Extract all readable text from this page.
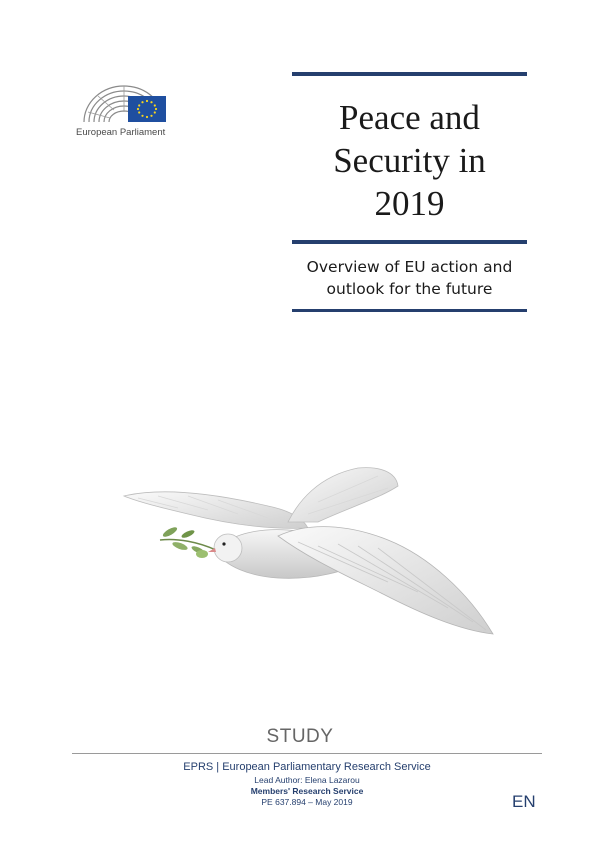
European Parliament	Peace and
Security in
2019
Overview of EU action and
outlook for the future
STUDY
EPRS | European Parliamentary Research Service
Lead Author: Elena Lazarou
Members' Research Service
PE 637.894 – May 2019	EN
